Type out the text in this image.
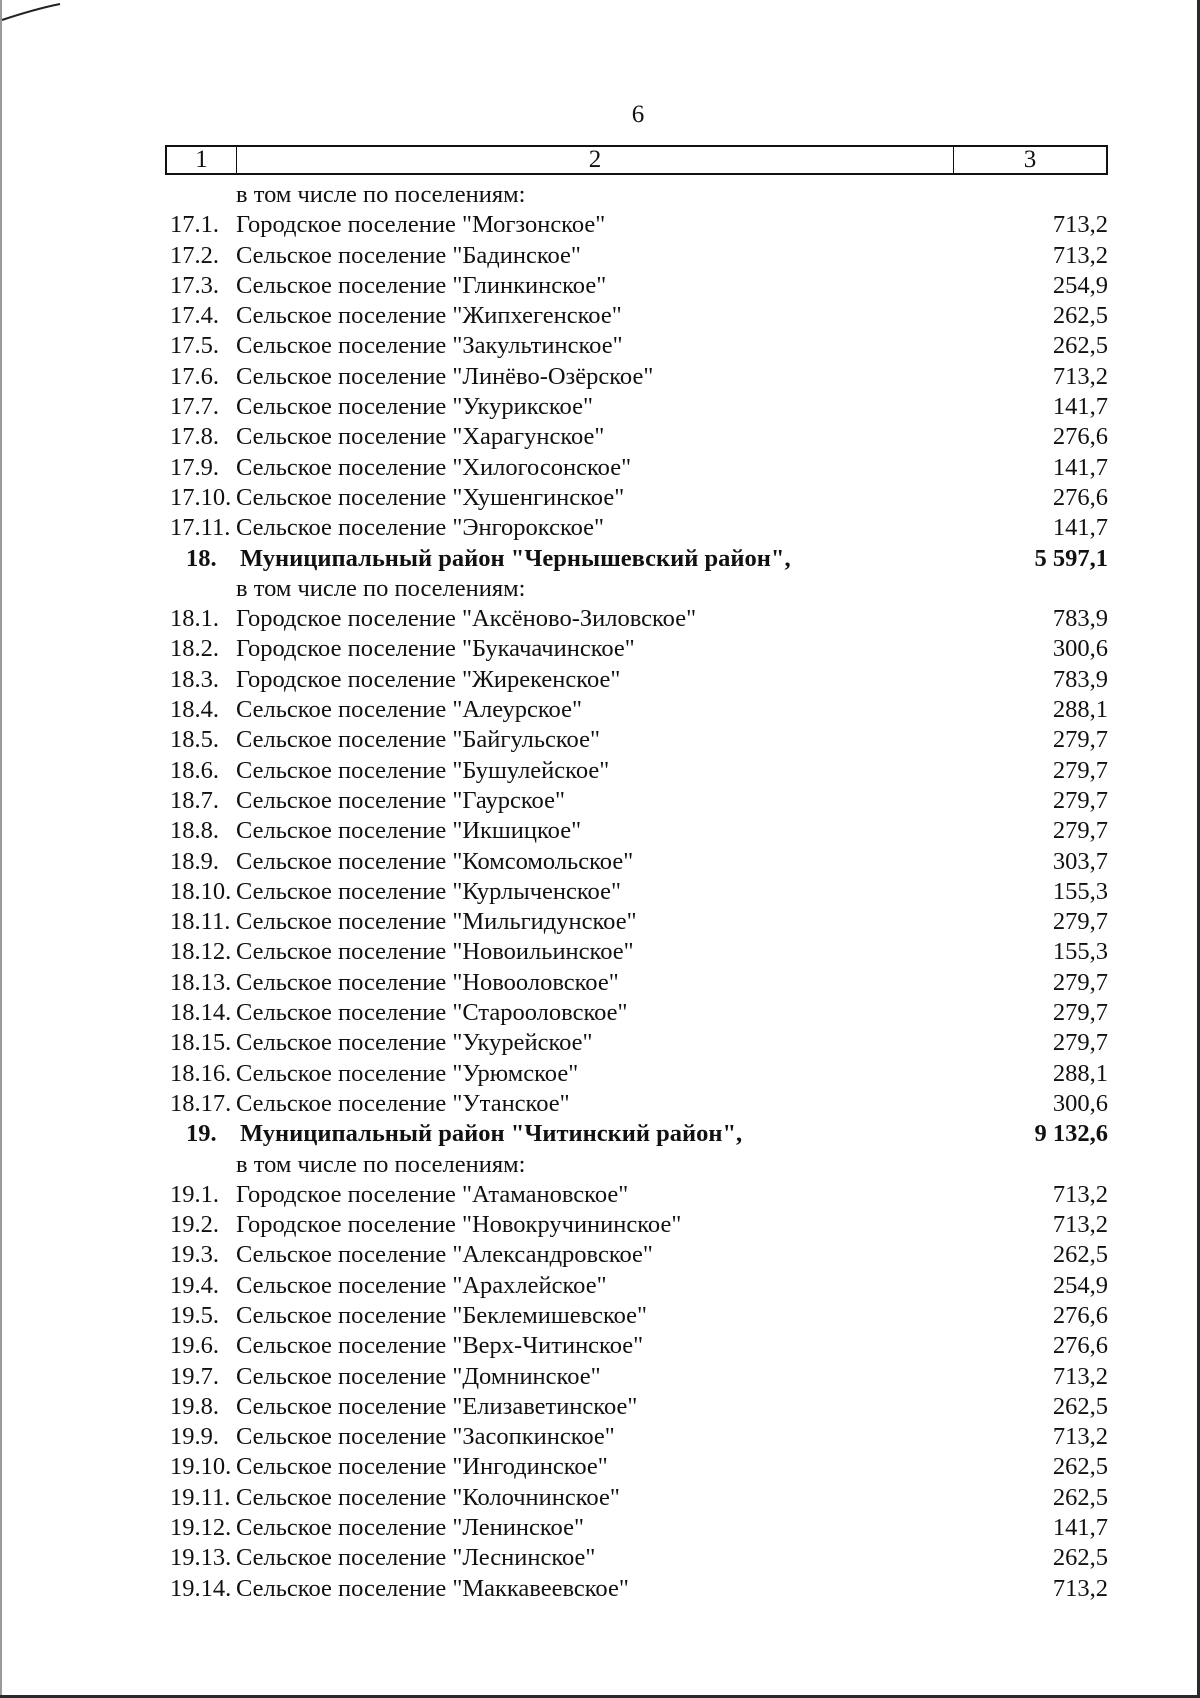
6
1	2	3
в том числе по поселениям:
17.1. Городское поселение "Могзонское"	713,2
17.2. Сельское поселение "Бадинское"	713,2
17.3. Сельское поселение "Глинкинское"	254,9
17.4. Сельское поселение "Жипхегенское"	262,5
17.5. Сельское поселение "Закультинское"	262,5
17.6. Сельское поселение "Линёво-Озёрское"	713,2
17.7. Сельское поселение "Укурикское"	141,7
17.8. Сельское поселение "Харагунское"	276,6
17.9. Сельское поселение "Хилогосонское"	141,7
17.10. Сельское поселение "Хушенгинское"	276,6
17.11. Сельское поселение "Энгорокское"	141,7
18. Муниципальный район "Чернышевский район",	5 597,1
в том числе по поселениям:
18.1. Городское поселение "Аксёново-Зиловское"	783,9
18.2. Городское поселение "Букачачинское"	300,6
18.3. Городское поселение "Жирекенское"	783,9
18.4. Сельское поселение "Алеурское"	288,1
18.5. Сельское поселение "Байгульское"	279,7
18.6. Сельское поселение "Бушулейское"	279,7
18.7. Сельское поселение "Гаурское"	279,7
18.8. Сельское поселение "Икшицкое"	279,7
18.9. Сельское поселение "Комсомольское"	303,7
18.10. Сельское поселение "Курлыченское"	155,3
18.11. Сельское поселение "Мильгидунское"	279,7
18.12. Сельское поселение "Новоильинское"	155,3
18.13. Сельское поселение "Новооловское"	279,7
18.14. Сельское поселение "Старооловское"	279,7
18.15. Сельское поселение "Укурейское"	279,7
18.16. Сельское поселение "Урюмское"	288,1
18.17. Сельское поселение "Утанское"	300,6
19. Муниципальный район "Читинский район",	9 132,6
в том числе по поселениям:
19.1. Городское поселение "Атамановское"	713,2
19.2. Городское поселение "Новокручининское"	713,2
19.3. Сельское поселение "Александровское"	262,5
19.4. Сельское поселение "Арахлейское"	254,9
19.5. Сельское поселение "Беклемишевское"	276,6
19.6. Сельское поселение "Верх-Читинское"	276,6
19.7. Сельское поселение "Домнинское"	713,2
19.8. Сельское поселение "Елизаветинское"	262,5
19.9. Сельское поселение "Засопкинское"	713,2
19.10. Сельское поселение "Ингодинское"	262,5
19.11. Сельское поселение "Колочнинское"	262,5
19.12. Сельское поселение "Ленинское"	141,7
19.13. Сельское поселение "Леснинское"	262,5
19.14. Сельское поселение "Маккавеевское"	713,2
